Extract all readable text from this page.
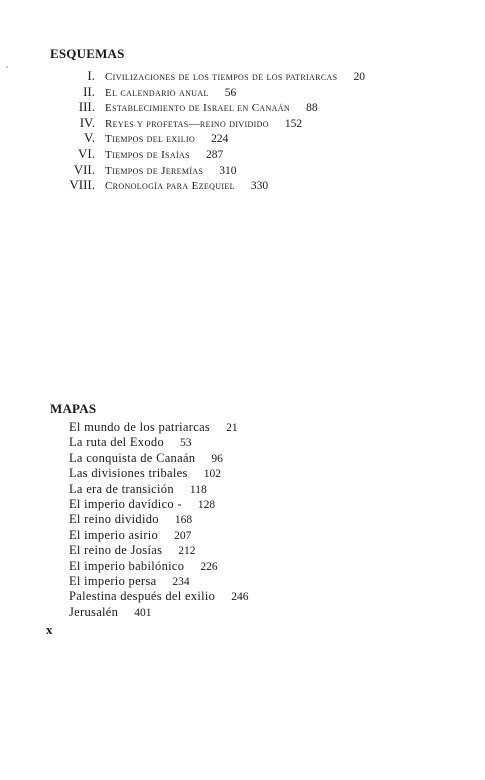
ESQUEMAS
I. Civilizaciones de los tiempos de los patriarcas 20
II. El calendario anual 56
III. Establecimiento de Israel en Canaán 88
IV. Reyes y profetas—reino dividido 152
V. Tiempos del exilio 224
VI. Tiempos de Isaías 287
VII. Tiempos de Jeremías 310
VIII. Cronología para Ezequiel 330
MAPAS
El mundo de los patriarcas 21
La ruta del Exodo 53
La conquista de Canaán 96
Las divisiones tribales 102
La era de transición 118
El imperio davídico - 128
El reino dividido 168
El imperio asirio 207
El reino de Josías 212
El imperio babilónico 226
El imperio persa 234
Palestina después del exilio 246
Jerusalén 401
x
